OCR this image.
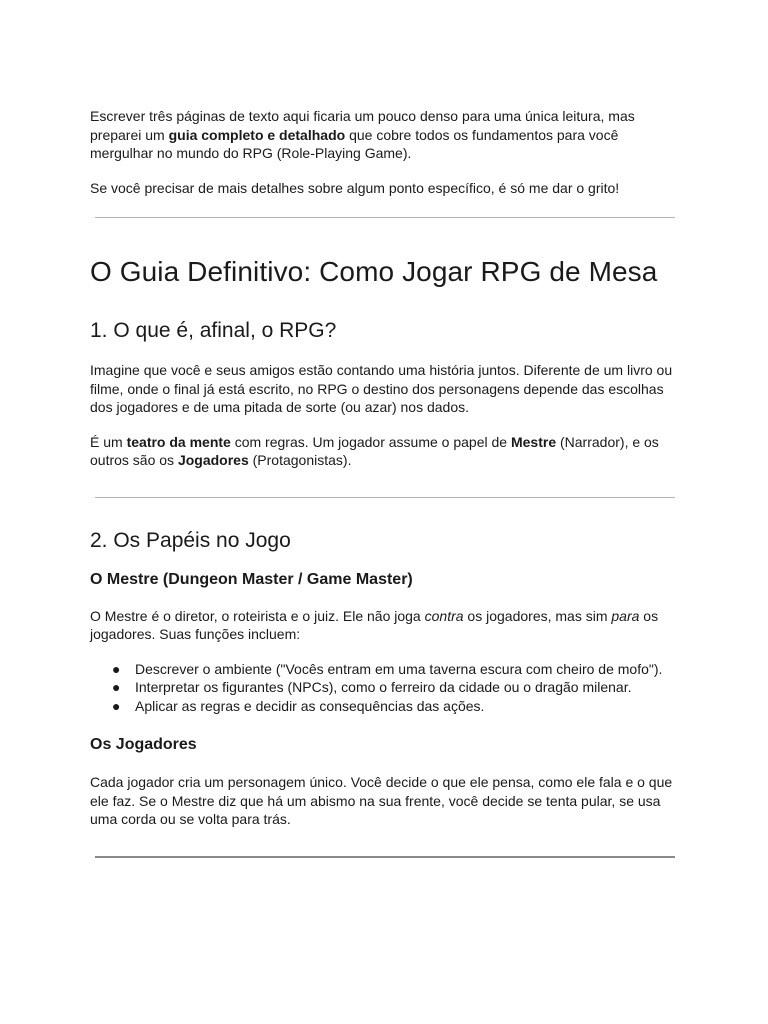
Escrever três páginas de texto aqui ficaria um pouco denso para uma única leitura, mas preparei um guia completo e detalhado que cobre todos os fundamentos para você mergulhar no mundo do RPG (Role-Playing Game).

Se você precisar de mais detalhes sobre algum ponto específico, é só me dar o grito!

O Guia Definitivo: Como Jogar RPG de Mesa
1. O que é, afinal, o RPG?

Imagine que você e seus amigos estão contando uma história juntos. Diferente de um livro ou filme, onde o final já está escrito, no RPG o destino dos personagens depende das escolhas dos jogadores e de uma pitada de sorte (ou azar) nos dados.

É um teatro da mente com regras. Um jogador assume o papel de Mestre (Narrador), e os outros são os Jogadores (Protagonistas).

2. Os Papéis no Jogo
O Mestre (Dungeon Master / Game Master)

O Mestre é o diretor, o roteirista e o juiz. Ele não joga contra os jogadores, mas sim para os jogadores. Suas funções incluem:

● Descrever o ambiente ("Vocês entram em uma taverna escura com cheiro de mofo").
● Interpretar os figurantes (NPCs), como o ferreiro da cidade ou o dragão milenar.
● Aplicar as regras e decidir as consequências das ações.
Os Jogadores

Cada jogador cria um personagem único. Você decide o que ele pensa, como ele fala e o que ele faz. Se o Mestre diz que há um abismo na sua frente, você decide se tenta pular, se usa uma corda ou se volta para trás.
